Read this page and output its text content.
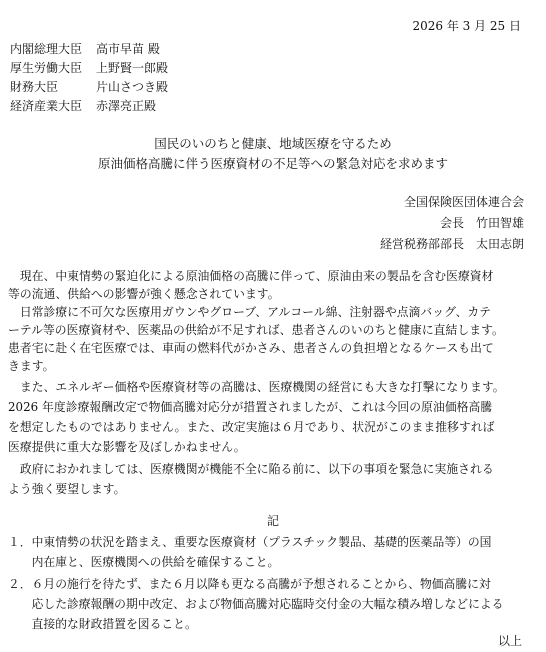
2026 年 3 月 25 日
内閣総理大臣 高市早苗 殿
厚生労働大臣 上野賢一郎殿
財務大臣	片山さつき殿
経済産業大臣 赤澤亮正殿
国民のいのちと健康、地域医療を守るため
原油価格高騰に伴う医療資材の不足等への緊急対応を求めます
全国保険医団体連合会
会長　竹田智雄
経営税務部部長　太田志朗
　現在、中東情勢の緊迫化による原油価格の高騰に伴って、原油由来の製品を含む医療資材
等の流通、供給への影響が強く懸念されています。
　日常診療に不可欠な医療用ガウンやグローブ、アルコール綿、注射器や点滴バッグ、カテ
ーテル等の医療資材や、医薬品の供給が不足すれば、患者さんのいのちと健康に直結します。
患者宅に赴く在宅医療では、車両の燃料代がかさみ、患者さんの負担増となるケースも出て
きます。
　また、エネルギー価格や医療資材等の高騰は、医療機関の経営にも大きな打撃になります。
2026 年度診療報酬改定で物価高騰対応分が措置されましたが、これは今回の原油価格高騰
を想定したものではありません。また、改定実施は６月であり、状況がこのまま推移すれば
医療提供に重大な影響を及ぼしかねません。
　政府におかれましては、医療機関が機能不全に陥る前に、以下の事項を緊急に実施される
よう強く要望します。
記
１．中東情勢の状況を踏まえ、重要な医療資材（プラスチック製品、基礎的医薬品等）の国
　　内在庫と、医療機関への供給を確保すること。
２．６月の施行を待たず、また６月以降も更なる高騰が予想されることから、物価高騰に対
　　応した診療報酬の期中改定、および物価高騰対応臨時交付金の大幅な積み増しなどによる
　　直接的な財政措置を図ること。
以上
